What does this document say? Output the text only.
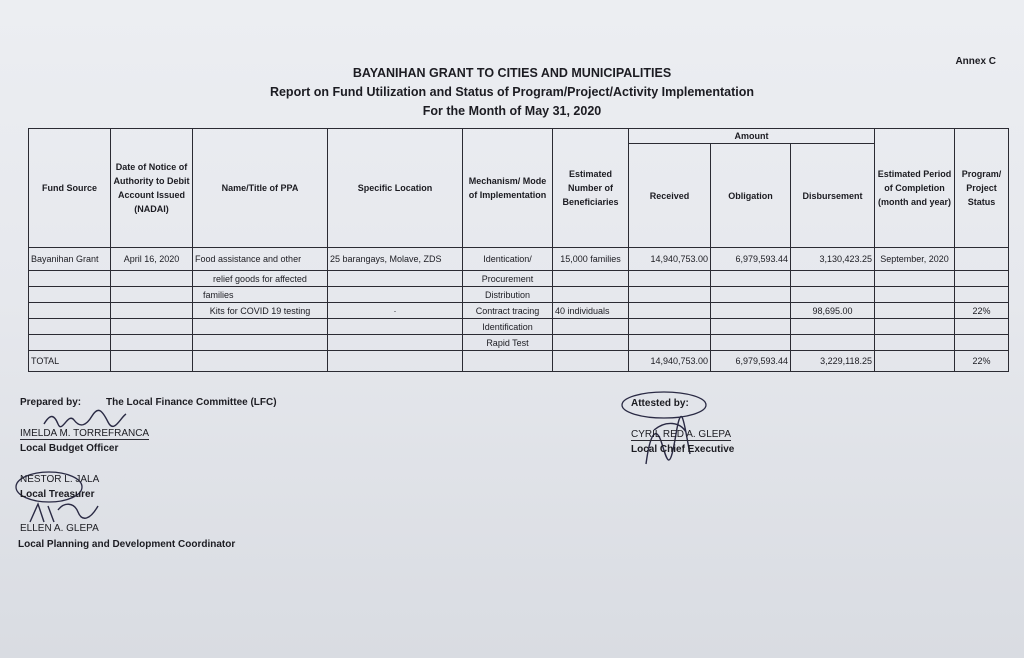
Annex C
BAYANIHAN GRANT TO CITIES AND MUNICIPALITIES
Report on Fund Utilization and Status of Program/Project/Activity Implementation
For the Month of May 31, 2020
Fund Source	Date of Notice of Authority to Debit Account Issued (NADAI)	Name/Title of PPA	Specific Location	Mechanism/ Mode of Implementation	Estimated Number of Beneficiaries	Amount			Estimated Period of Completion (month and year)	Program/ Project Status
						Received	Obligation	Disbursement		
Bayanihan Grant	April 16, 2020	Food assistance and other	25 barangays, Molave, ZDS	Identication/	15,000 families	14,940,753.00	6,979,593.44	3,130,423.25	September, 2020	
		relief goods for affected		Procurement						
		families		Distribution						
		Kits for COVID 19 testing	·	Contract tracing	40 individuals			98,695.00		22%
				Identification						
				Rapid Test						
TOTAL						14,940,753.00	6,979,593.44	3,229,118.25		22%
Prepared by: The Local Finance Committee (LFC)
IMELDA M. TORREFRANCA
Local Budget Officer
NESTOR L. JALA
Local Treasurer
ELLEN A. GLEPA
Local Planning and Development Coordinator
Attested by:
CYRIL RED A. GLEPA
Local Chief Executive
